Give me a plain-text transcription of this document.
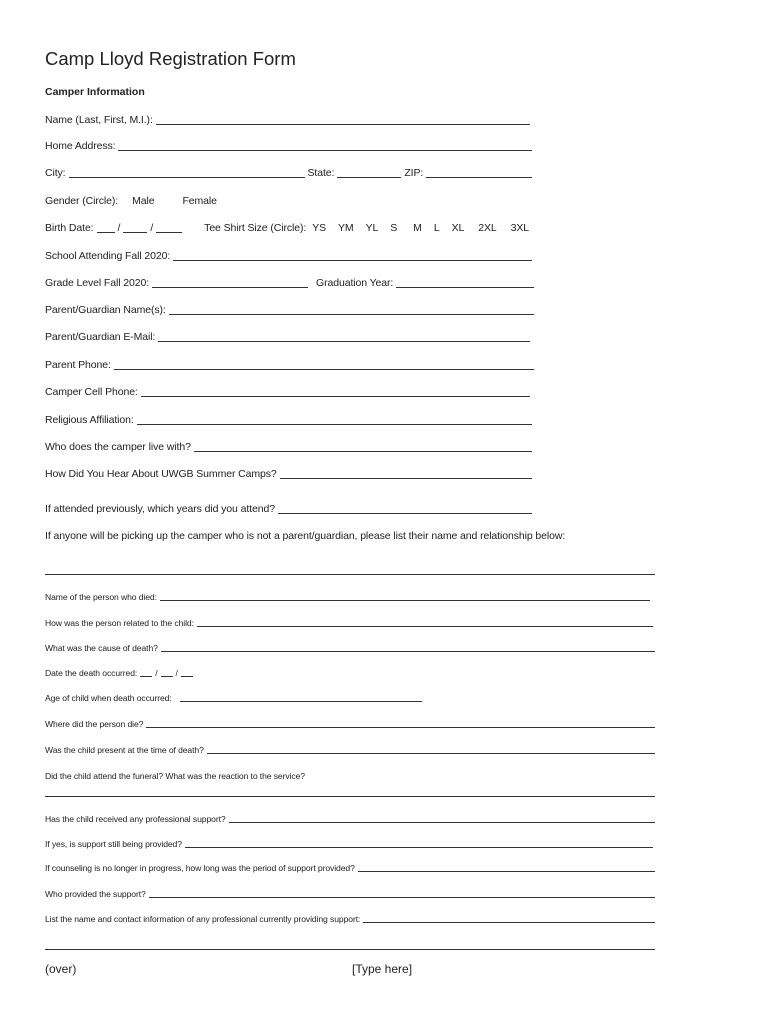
Camp Lloyd Registration Form
Camper Information
Name (Last, First, M.I.):
Home Address:
City:	State:	ZIP:
Gender (Circle): Male	Female
Birth Date: /	/	Tee Shirt Size (Circle): YS YM YL S M L XL 2XL 3XL
School Attending Fall 2020:
Grade Level Fall 2020:	Graduation Year:
Parent/Guardian Name(s):
Parent/Guardian E-Mail:
Parent Phone:
Camper Cell Phone:
Religious Affiliation:
Who does the camper live with?
How Did You Hear About UWGB Summer Camps?
If attended previously, which years did you attend?
If anyone will be picking up the camper who is not a parent/guardian, please list their name and relationship below:
Name of the person who died:
How was the person related to the child:
What was the cause of death?
Date the death occurred: / /
Age of child when death occurred:
Where did the person die?
Was the child present at the time of death?
Did the child attend the funeral? What was the reaction to the service?
Has the child received any professional support?
If yes, is support still being provided?
If counseling is no longer in progress, how long was the period of support provided?
Who provided the support?
List the name and contact information of any professional currently providing support:
(over)	[Type here]
